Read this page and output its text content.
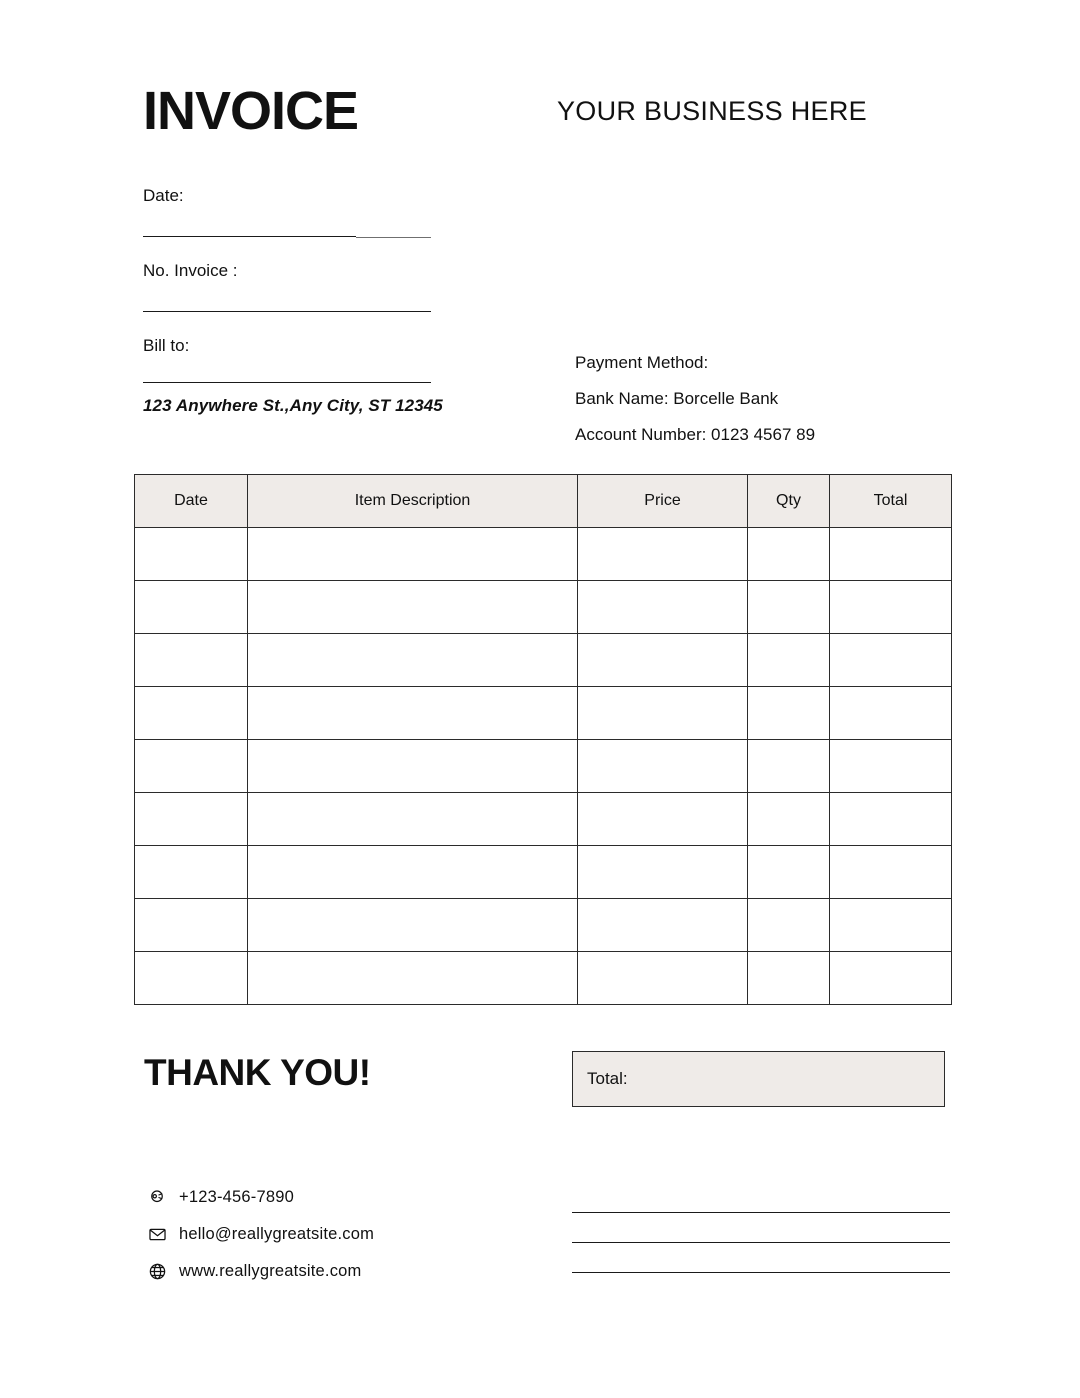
INVOICE	YOUR BUSINESS HERE

Date:

No. Invoice :

Bill to:

123 Anywhere St.,Any City, ST 12345

Payment Method:

Bank Name: Borcelle Bank

Account Number: 0123 4567 89

Date	Item Description	Price	Qty	Total

THANK YOU!	Total:
+123-456-7890
hello@reallygreatsite.com
www.reallygreatsite.com
